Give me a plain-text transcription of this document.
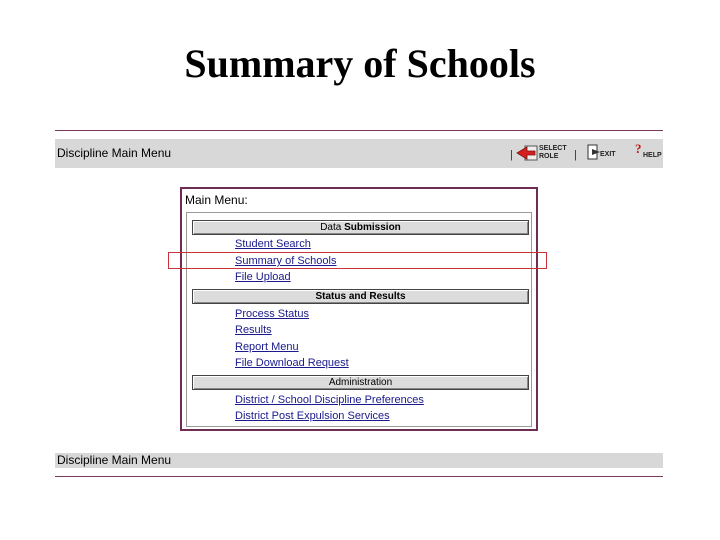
Summary of Schools
Discipline Main Menu	|
SELECT
ROLE |	EXIT ? HELP
Main Menu:
Data Submission
Student Search
Summary of Schools
File Upload
Status and Results
Process Status
Results
Report Menu
File Download Request
Administration
District / School Discipline Preferences
District Post Expulsion Services
Discipline Main Menu
